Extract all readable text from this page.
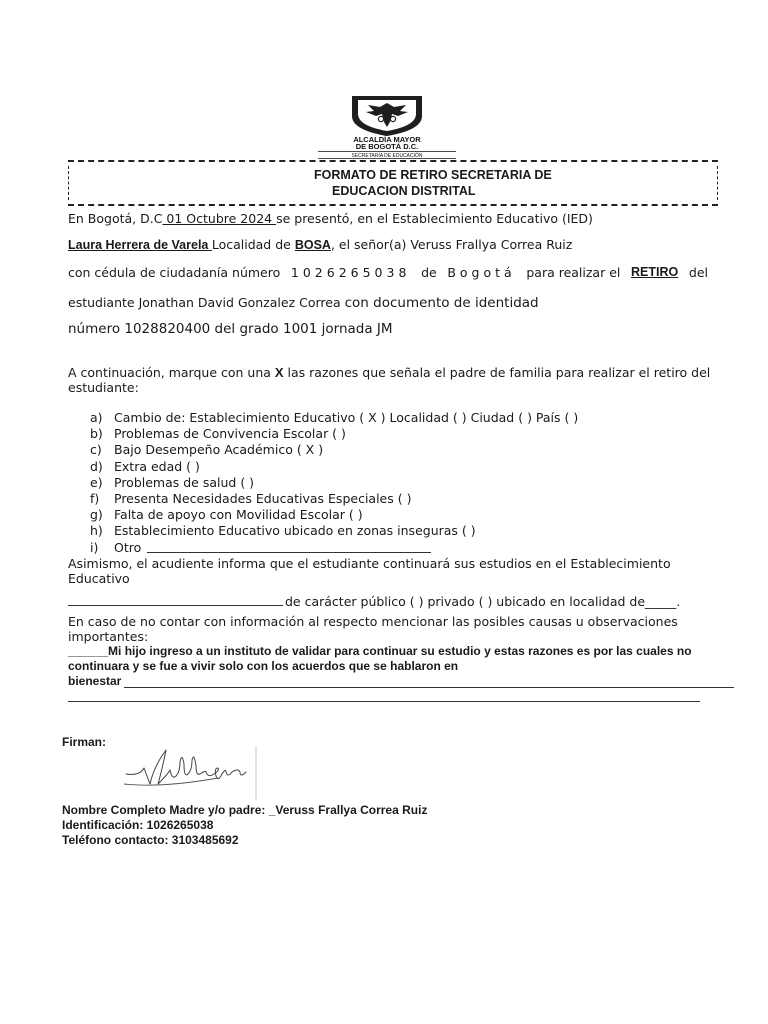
ALCALDÍA MAYOR
DE BOGOTÁ D.C.
SECRETARÍA DE EDUCACIÓN
FORMATO DE RETIRO SECRETARIA DE
EDUCACION DISTRITAL
En Bogotá, D.C 01 Octubre 2024 se presentó, en el Establecimiento Educativo (IED)
Laura Herrera de Varela Localidad de BOSA, el señor(a) Veruss Frallya Correa Ruiz
con cédula de ciudadanía número 1026265038 de Bogotá para realizar el RETIRO del
estudiante Jonathan David Gonzalez Correa con documento de identidad
número 1028820400 del grado 1001 jornada JM
A continuación, marque con una X las razones que señala el padre de familia para realizar el retiro del
estudiante:
a) Cambio de: Establecimiento Educativo ( X ) Localidad ( ) Ciudad ( ) País ( )
b) Problemas de Convivencia Escolar ( )
c) Bajo Desempeño Académico ( X )
d) Extra edad ( )
e) Problemas de salud ( )
f) Presenta Necesidades Educativas Especiales ( )
g) Falta de apoyo con Movilidad Escolar ( )
h) Establecimiento Educativo ubicado en zonas inseguras ( )
i) Otro
Asimismo, el acudiente informa que el estudiante continuará sus estudios en el Establecimiento
Educativo
de carácter público ( ) privado ( ) ubicado en localidad de_____.
En caso de no contar con información al respecto mencionar las posibles causas u observaciones
importantes:
______Mi hijo ingreso a un instituto de validar para continuar su estudio y estas razones es por las cuales no
continuara y se fue a vivir solo con los acuerdos que se hablaron en
bienestar
Firman:
Nombre Completo Madre y/o padre: _Veruss Frallya Correa Ruiz
Identificación: 1026265038
Teléfono contacto: 3103485692
